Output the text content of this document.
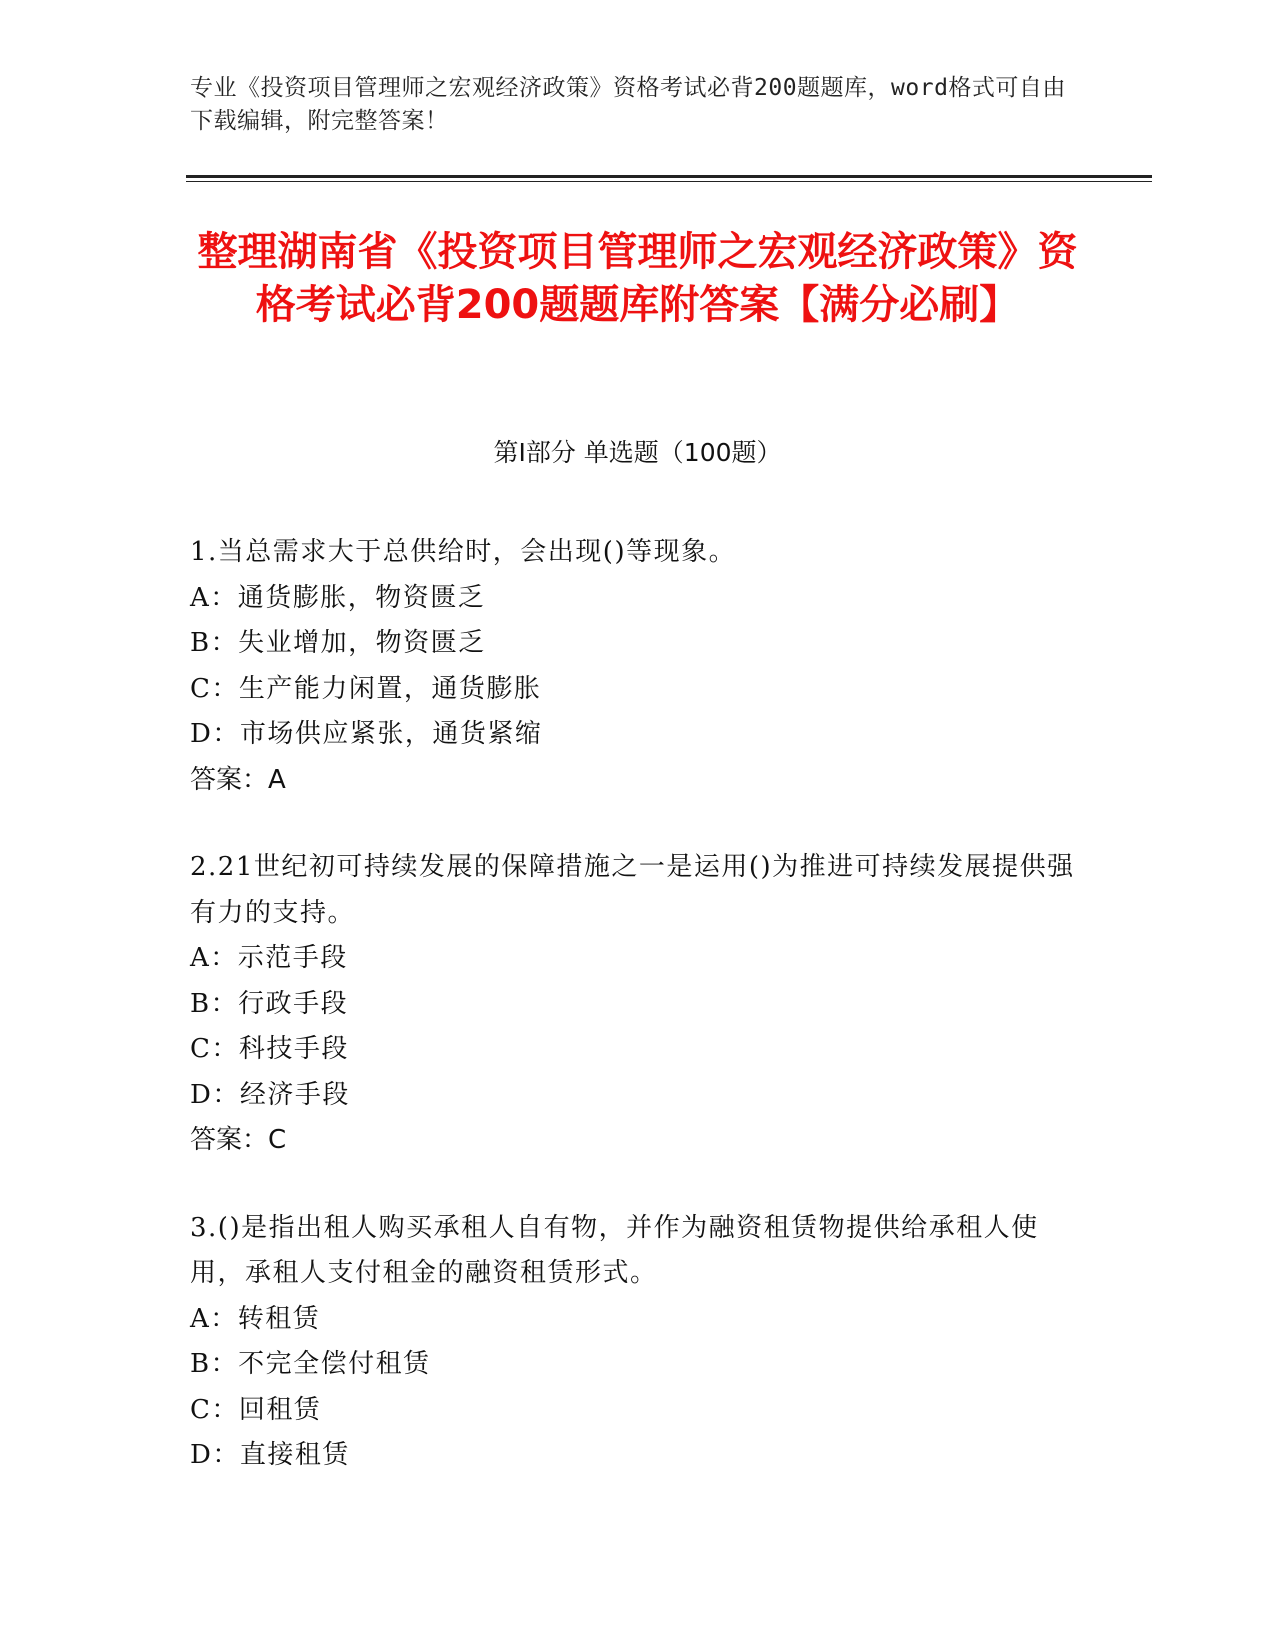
专业《投资项目管理师之宏观经济政策》资格考试必背200题题库，word格式可自由下载编辑，附完整答案！
整理湖南省《投资项目管理师之宏观经济政策》资格考试必背200题题库附答案【满分必刷】
第Ⅰ部分 单选题（100题）
1.当总需求大于总供给时，会出现()等现象。
A：通货膨胀，物资匮乏
B：失业增加，物资匮乏
C：生产能力闲置，通货膨胀
D：市场供应紧张，通货紧缩
答案：A
2.21世纪初可持续发展的保障措施之一是运用()为推进可持续发展提供强有力的支持。
A：示范手段
B：行政手段
C：科技手段
D：经济手段
答案：C
3.()是指出租人购买承租人自有物，并作为融资租赁物提供给承租人使用，承租人支付租金的融资租赁形式。
A：转租赁
B：不完全偿付租赁
C：回租赁
D：直接租赁
